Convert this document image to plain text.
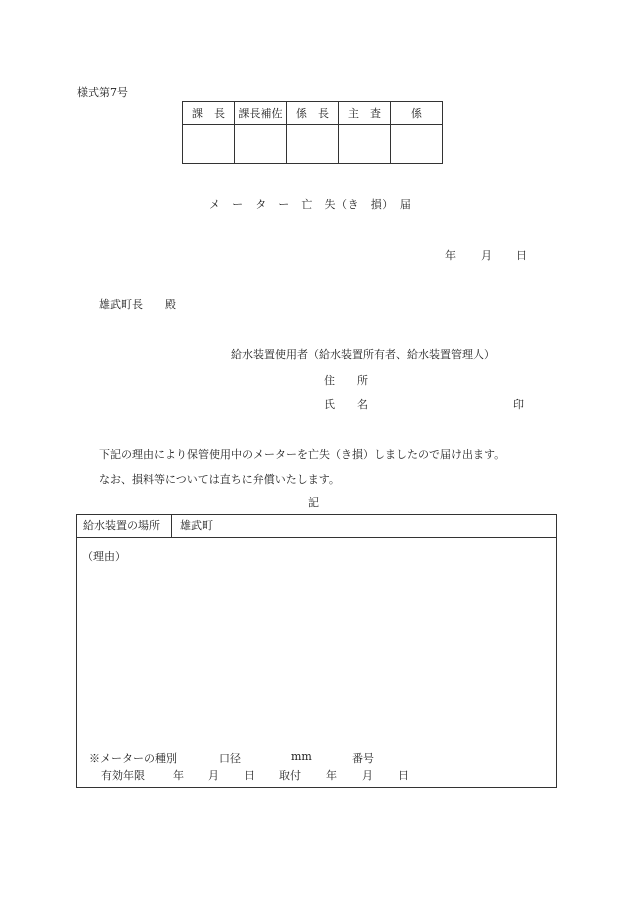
様式第7号
課　長	課長補佐	係　長	主　査	係

メ　ー　タ　ー　亡　失（き　損）　届
年 月 日
雄武町長　　殿
給水装置使用者（給水装置所有者、給水装置管理人）
住　　所
氏　　名	印
下記の理由により保管使用中のメーターを亡失（き損）しましたので届け出ます。
なお、損料等については直ちに弁償いたします。
記
給水装置の場所	雄武町
（理由）
※メーターの種別	口径	mm	番号
有効年限	年 月 日 取付 年 月 日
